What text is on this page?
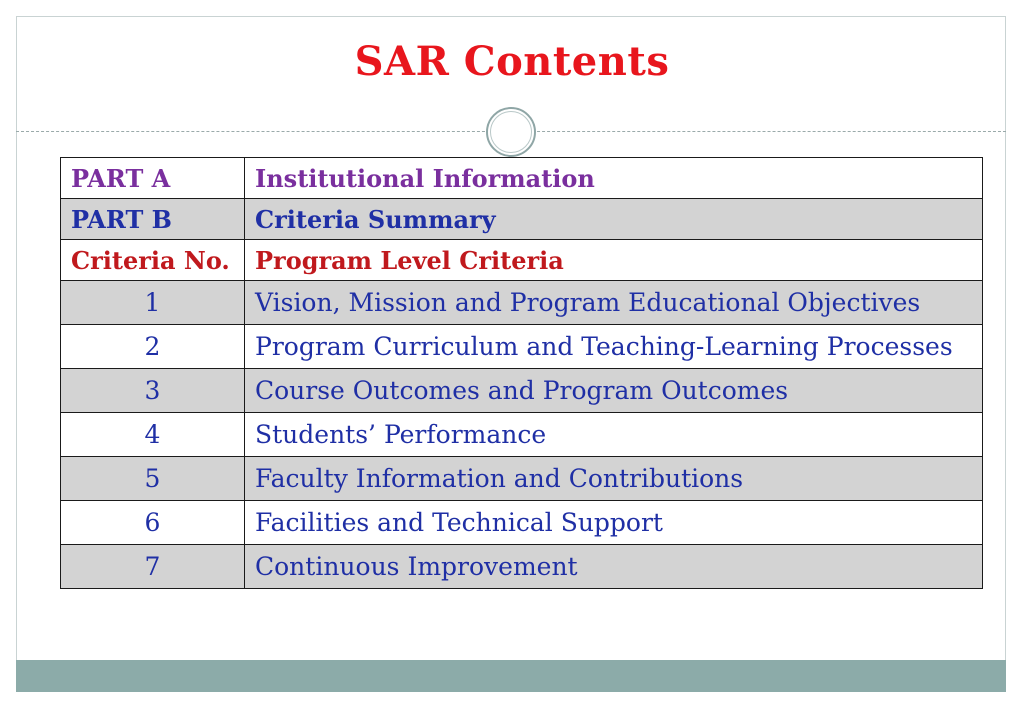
SAR Contents
PART A	Institutional Information
PART B	Criteria Summary
Criteria No.	Program Level Criteria
1	Vision, Mission and Program Educational Objectives
2	Program Curriculum and Teaching-Learning Processes
3	Course Outcomes and Program Outcomes
4	Students’ Performance
5	Faculty Information and Contributions
6	Facilities and Technical Support
7	Continuous Improvement
